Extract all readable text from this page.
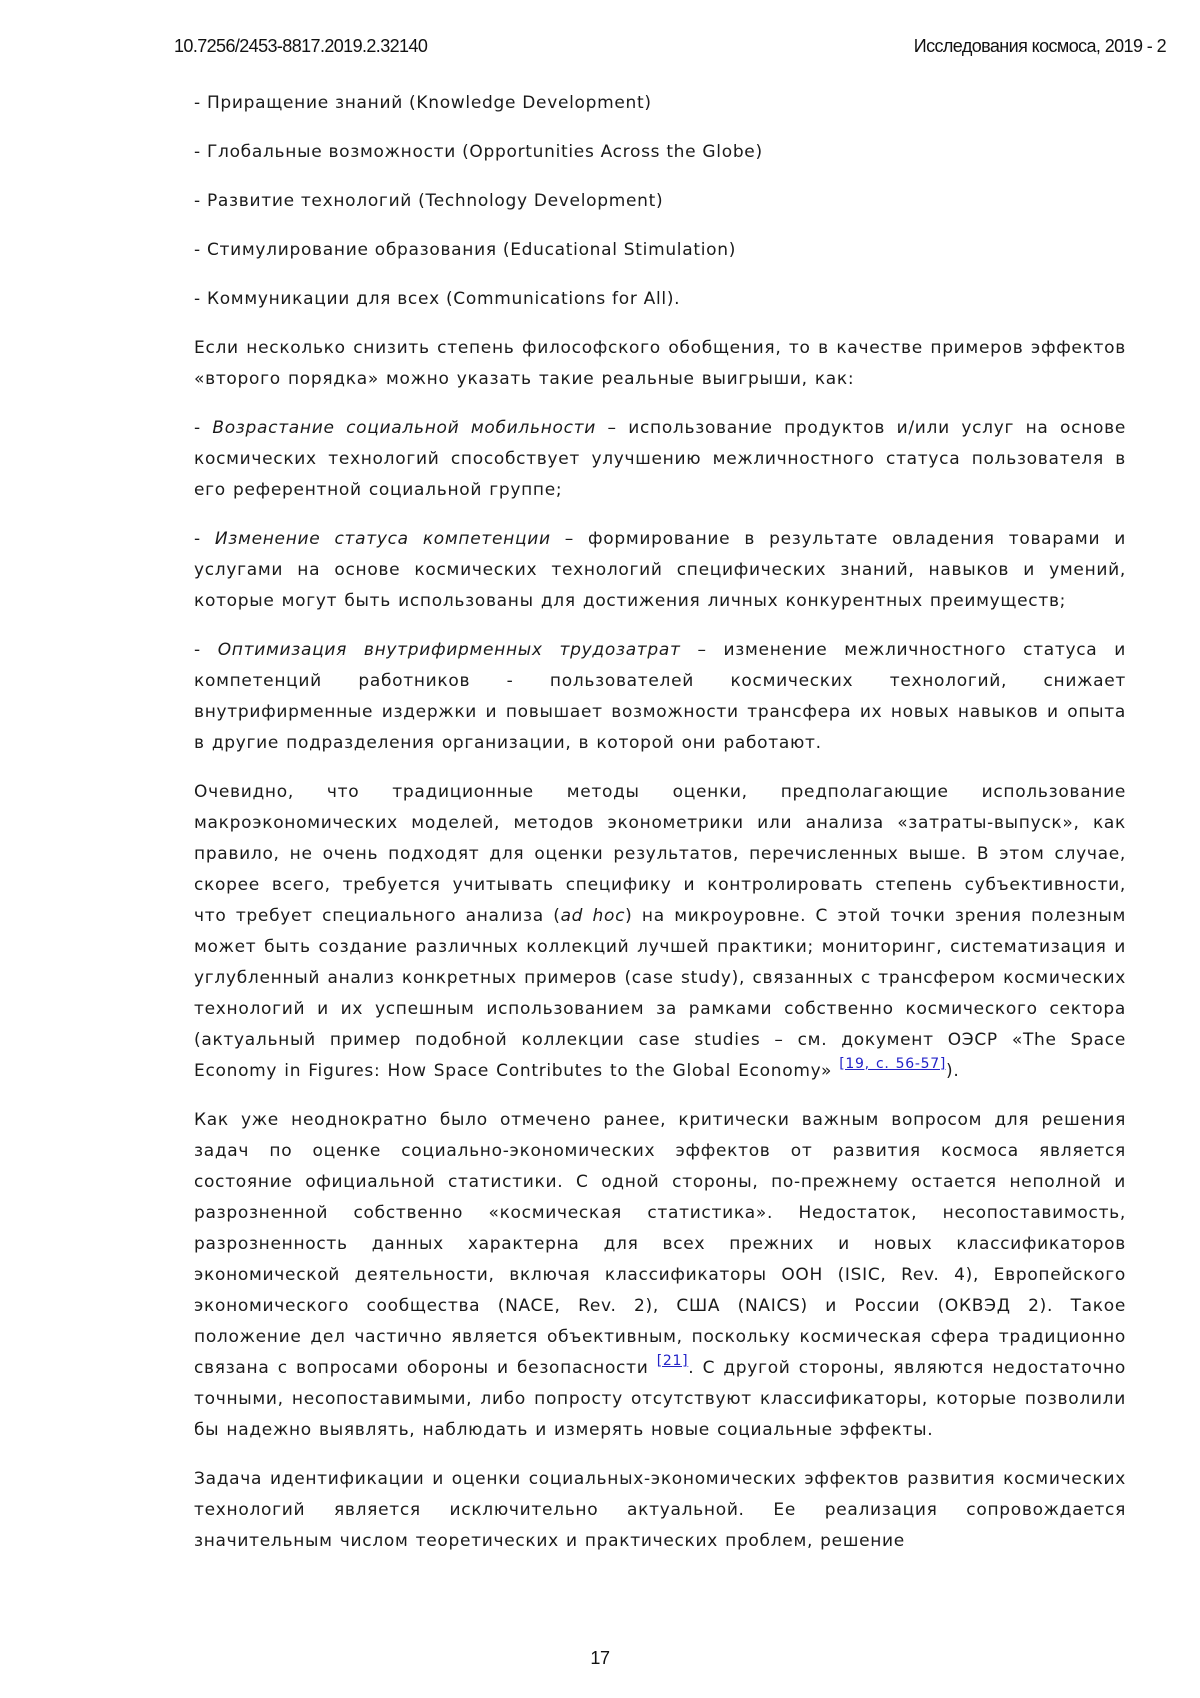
10.7256/2453-8817.2019.2.32140	Исследования космоса, 2019 - 2
- Приращение знаний (Knowledge Development)
- Глобальные возможности (Opportunities Across the Globe)
- Развитие технологий (Technology Development)
- Стимулирование образования (Educational Stimulation)
- Коммуникации для всех (Communications for All).

Если несколько снизить степень философского обобщения, то в качестве примеров эффектов «второго порядка» можно указать такие реальные выигрыши, как:

- Возрастание социальной мобильности – использование продуктов и/или услуг на основе космических технологий способствует улучшению межличностного статуса пользователя в его референтной социальной группе;

- Изменение статуса компетенции – формирование в результате овладения товарами и услугами на основе космических технологий специфических знаний, навыков и умений, которые могут быть использованы для достижения личных конкурентных преимуществ;

- Оптимизация внутрифирменных трудозатрат – изменение межличностного статуса и компетенций работников - пользователей космических технологий, снижает внутрифирменные издержки и повышает возможности трансфера их новых навыков и опыта в другие подразделения организации, в которой они работают.

Очевидно, что традиционные методы оценки, предполагающие использование макроэкономических моделей, методов эконометрики или анализа «затраты-выпуск», как правило, не очень подходят для оценки результатов, перечисленных выше. В этом случае, скорее всего, требуется учитывать специфику и контролировать степень субъективности, что требует специального анализа (ad hoc) на микроуровне. С этой точки зрения полезным может быть создание различных коллекций лучшей практики; мониторинг, систематизация и углубленный анализ конкретных примеров (case study), связанных с трансфером космических технологий и их успешным использованием за рамками собственно космического сектора (актуальный пример подобной коллекции case studies – см. документ ОЭСР «The Space Economy in Figures: How Space Contributes to the Global Economy» [19, с. 56-57]).

Как уже неоднократно было отмечено ранее, критически важным вопросом для решения задач по оценке социально-экономических эффектов от развития космоса является состояние официальной статистики. С одной стороны, по-прежнему остается неполной и разрозненной собственно «космическая статистика». Недостаток, несопоставимость, разрозненность данных характерна для всех прежних и новых классификаторов экономической деятельности, включая классификаторы ООН (ISIC, Rev. 4), Европейского экономического сообщества (NACE, Rev. 2), США (NAICS) и России (ОКВЭД 2). Такое положение дел частично является объективным, поскольку космическая сфера традиционно связана с вопросами обороны и безопасности [21]. С другой стороны, являются недостаточно точными, несопоставимыми, либо попросту отсутствуют классификаторы, которые позволили бы надежно выявлять, наблюдать и измерять новые социальные эффекты.

Задача идентификации и оценки социальных-экономических эффектов развития космических технологий является исключительно актуальной. Ее реализация сопровождается значительным числом теоретических и практических проблем, решение

17
